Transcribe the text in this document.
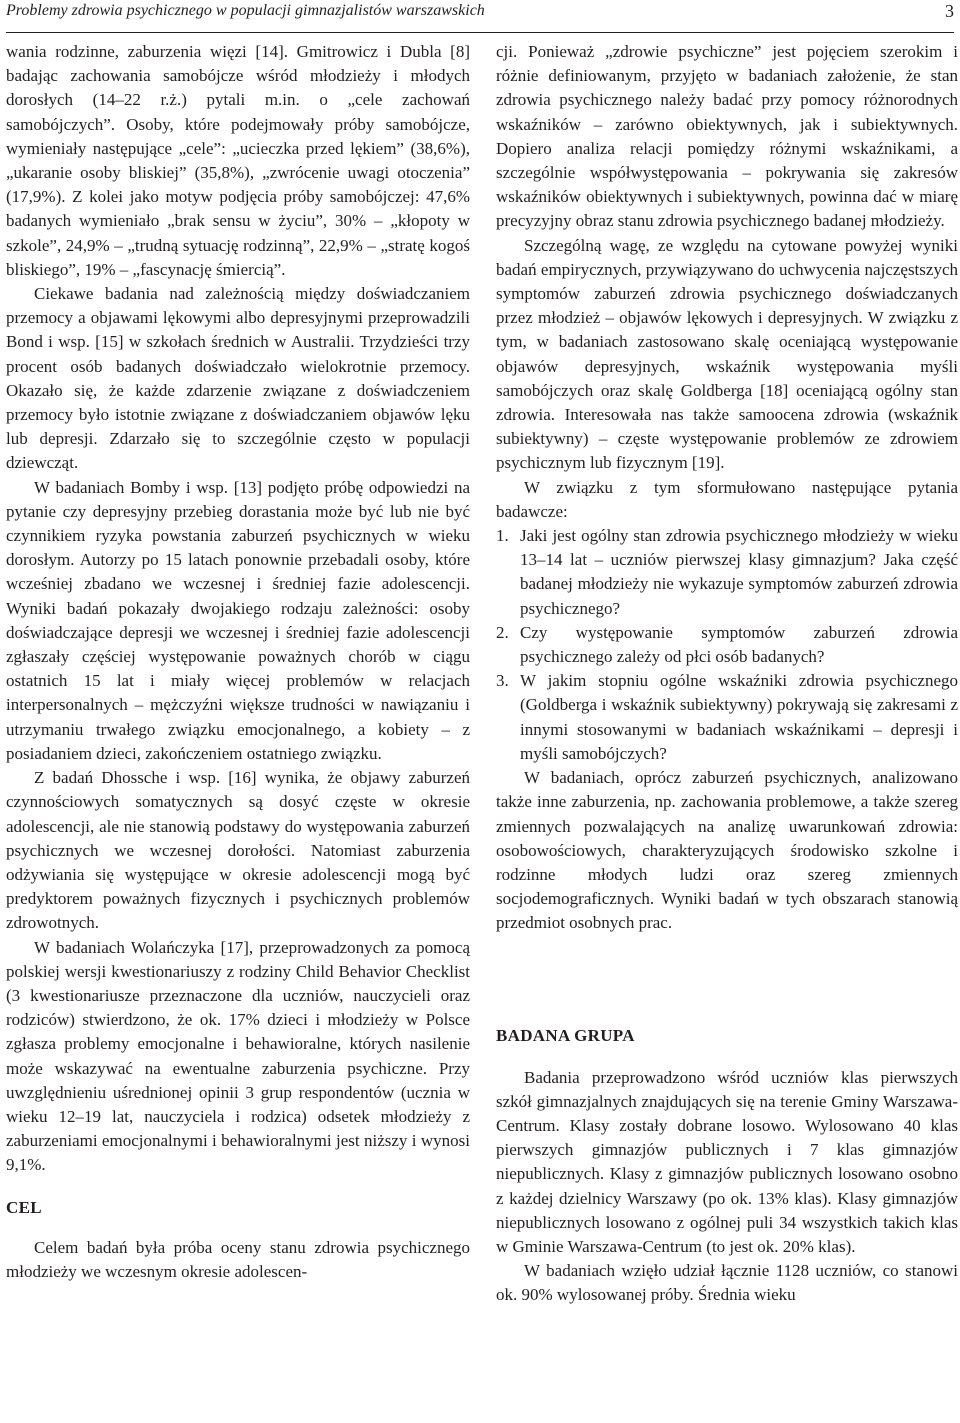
Problemy zdrowia psychicznego w populacji gimnazjalistów warszawskich	3

wania rodzinne, zaburzenia więzi [14]. Gmitrowicz i Dubla [8] badając zachowania samobójcze wśród młodzieży i młodych dorosłych (14–22 r.ż.) pytali m.in. o „cele zachowań samobójczych”. Osoby, które podejmowały próby samobójcze, wymieniały następujące „cele”: „ucieczka przed lękiem” (38,6%), „ukaranie osoby bliskiej” (35,8%), „zwrócenie uwagi otoczenia” (17,9%). Z kolei jako motyw podjęcia próby samobójczej: 47,6% badanych wymieniało „brak sensu w życiu”, 30% – „kłopoty w szkole”, 24,9% – „trudną sytuację rodzinną”, 22,9% – „stratę kogoś bliskiego”, 19% – „fascynację śmiercią”.

Ciekawe badania nad zależnością między doświadczaniem przemocy a objawami lękowymi albo depresyjnymi przeprowadzili Bond i wsp. [15] w szkołach średnich w Australii. Trzydzieści trzy procent osób badanych doświadczało wielokrotnie przemocy. Okazało się, że każde zdarzenie związane z doświadczeniem przemocy było istotnie związane z doświadczaniem objawów lęku lub depresji. Zdarzało się to szczególnie często w populacji dziewcząt.

W badaniach Bomby i wsp. [13] podjęto próbę odpowiedzi na pytanie czy depresyjny przebieg dorastania może być lub nie być czynnikiem ryzyka powstania zaburzeń psychicznych w wieku dorosłym. Autorzy po 15 latach ponownie przebadali osoby, które wcześniej zbadano we wczesnej i średniej fazie adolescencji. Wyniki badań pokazały dwojakiego rodzaju zależności: osoby doświadczające depresji we wczesnej i średniej fazie adolescencji zgłaszały częściej występowanie poważnych chorób w ciągu ostatnich 15 lat i miały więcej problemów w relacjach interpersonalnych – mężczyźni większe trudności w nawiązaniu i utrzymaniu trwałego związku emocjonalnego, a kobiety – z posiadaniem dzieci, zakończeniem ostatniego związku.

Z badań Dhossche i wsp. [16] wynika, że objawy zaburzeń czynnościowych somatycznych są dosyć częste w okresie adolescencji, ale nie stanowią podstawy do występowania zaburzeń psychicznych we wczesnej dorołości. Natomiast zaburzenia odżywiania się występujące w okresie adolescencji mogą być predyktorem poważnych fizycznych i psychicznych problemów zdrowotnych.

W badaniach Wolańczyka [17], przeprowadzonych za pomocą polskiej wersji kwestionariuszy z rodziny Child Behavior Checklist (3 kwestionariusze przeznaczone dla uczniów, nauczycieli oraz rodziców) stwierdzono, że ok. 17% dzieci i młodzieży w Polsce zgłasza problemy emocjonalne i behawioralne, których nasilenie może wskazywać na ewentualne zaburzenia psychiczne. Przy uwzględnieniu uśrednionej opinii 3 grup respondentów (ucznia w wieku 12–19 lat, nauczyciela i rodzica) odsetek młodzieży z zaburzeniami emocjonalnymi i behawioralnymi jest niższy i wynosi 9,1%.

CEL

Celem badań była próba oceny stanu zdrowia psychicznego młodzieży we wczesnym okresie adolescen-

cji. Ponieważ „zdrowie psychiczne” jest pojęciem szerokim i różnie definiowanym, przyjęto w badaniach założenie, że stan zdrowia psychicznego należy badać przy pomocy różnorodnych wskaźników – zarówno obiektywnych, jak i subiektywnych. Dopiero analiza relacji pomiędzy różnymi wskaźnikami, a szczególnie współwystępowania – pokrywania się zakresów wskaźników obiektywnych i subiektywnych, powinna dać w miarę precyzyjny obraz stanu zdrowia psychicznego badanej młodzieży.

Szczególną wagę, ze względu na cytowane powyżej wyniki badań empirycznych, przywiązywano do uchwycenia najczęstszych symptomów zaburzeń zdrowia psychicznego doświadczanych przez młodzież – objawów lękowych i depresyjnych. W związku z tym, w badaniach zastosowano skalę oceniającą występowanie objawów depresyjnych, wskaźnik występowania myśli samobójczych oraz skalę Goldberga [18] oceniającą ogólny stan zdrowia. Interesowała nas także samoocena zdrowia (wskaźnik subiektywny) – częste występowanie problemów ze zdrowiem psychicznym lub fizycznym [19].

W związku z tym sformułowano następujące pytania badawcze:

1. Jaki jest ogólny stan zdrowia psychicznego młodzieży w wieku 13–14 lat – uczniów pierwszej klasy gimnazjum? Jaka część badanej młodzieży nie wykazuje symptomów zaburzeń zdrowia psychicznego?
2. Czy występowanie symptomów zaburzeń zdrowia psychicznego zależy od płci osób badanych?
3. W jakim stopniu ogólne wskaźniki zdrowia psychicznego (Goldberga i wskaźnik subiektywny) pokrywają się zakresami z innymi stosowanymi w badaniach wskaźnikami – depresji i myśli samobójczych?

W badaniach, oprócz zaburzeń psychicznych, analizowano także inne zaburzenia, np. zachowania problemowe, a także szereg zmiennych pozwalających na analizę uwarunkowań zdrowia: osobowościowych, charakteryzujących środowisko szkolne i rodzinne młodych ludzi oraz szereg zmiennych socjodemograficznych. Wyniki badań w tych obszarach stanowią przedmiot osobnych prac.

BADANA GRUPA

Badania przeprowadzono wśród uczniów klas pierwszych szkół gimnazjalnych znajdujących się na terenie Gminy Warszawa-Centrum. Klasy zostały dobrane losowo. Wylosowano 40 klas pierwszych gimnazjów publicznych i 7 klas gimnazjów niepublicznych. Klasy z gimnazjów publicznych losowano osobno z każdej dzielnicy Warszawy (po ok. 13% klas). Klasy gimnazjów niepublicznych losowano z ogólnej puli 34 wszystkich takich klas w Gminie Warszawa-Centrum (to jest ok. 20% klas).

W badaniach wzięło udział łącznie 1128 uczniów, co stanowi ok. 90% wylosowanej próby. Średnia wieku
